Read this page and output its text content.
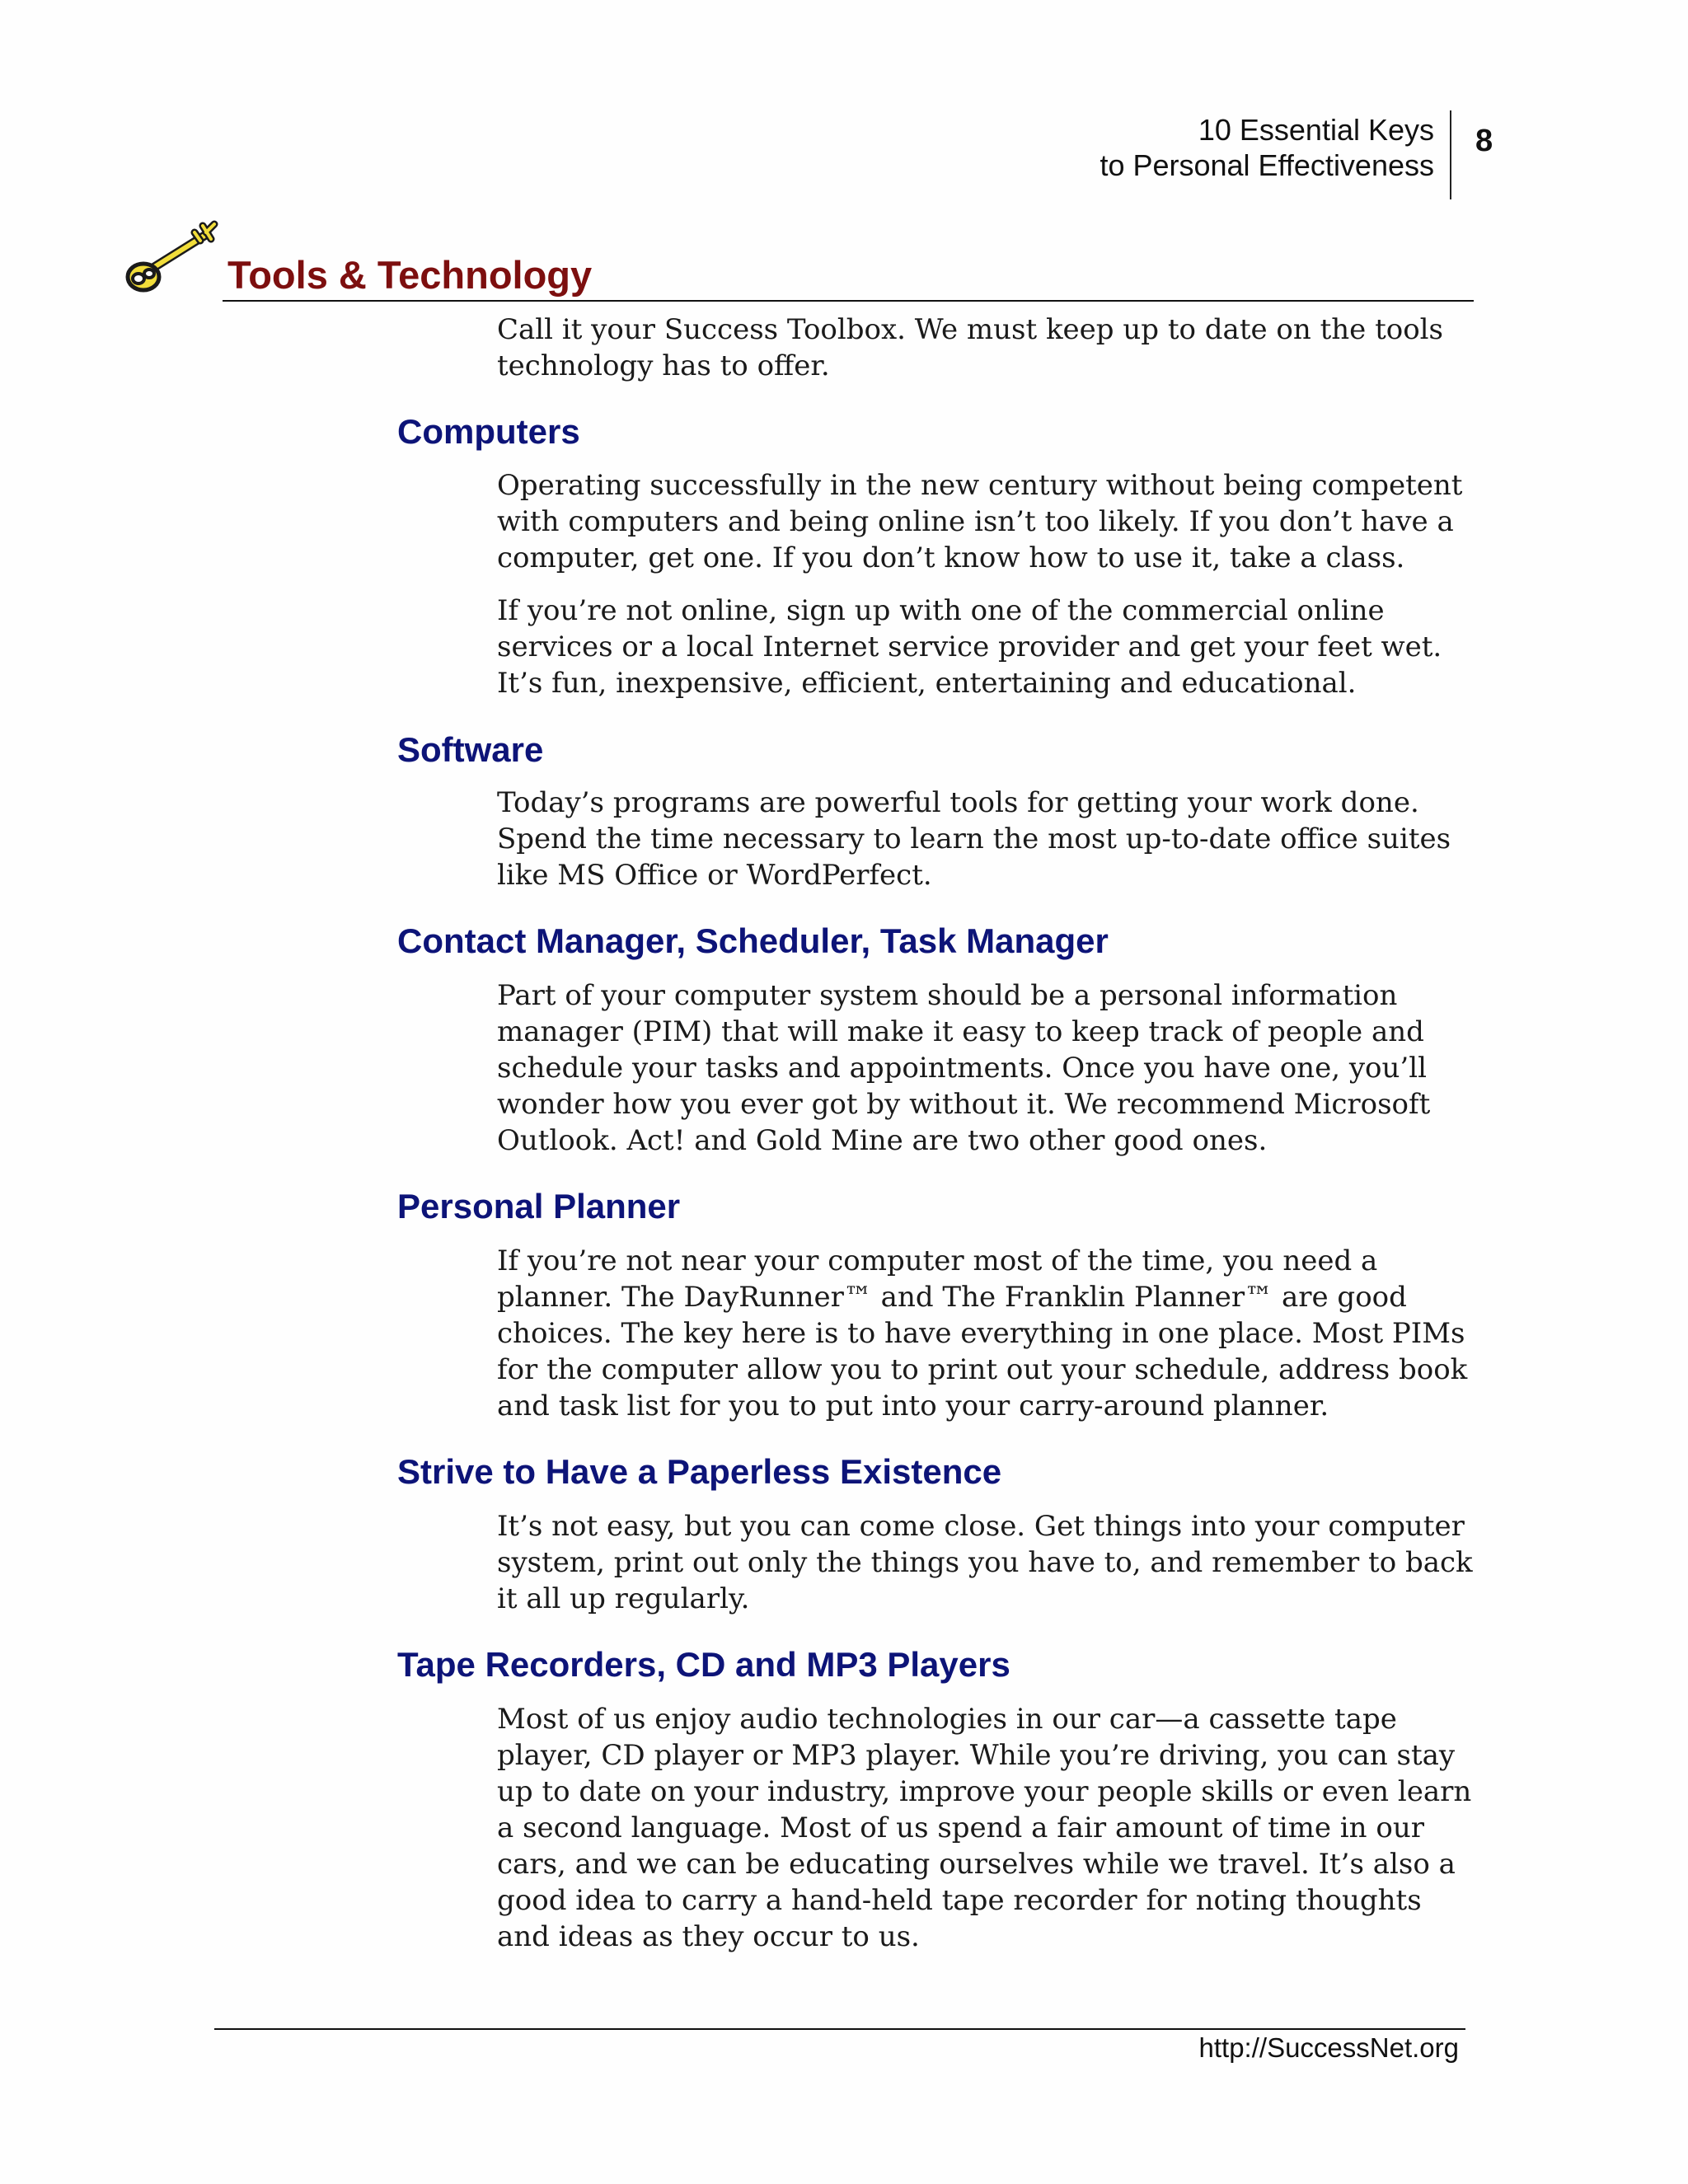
10 Essential Keys
to Personal Effectiveness
8
Tools & Technology

Call it your Success Toolbox. We must keep up to date on the tools technology has to offer.

Computers

Operating successfully in the new century without being competent with computers and being online isn’t too likely. If you don’t have a computer, get one. If you don’t know how to use it, take a class.

If you’re not online, sign up with one of the commercial online services or a local Internet service provider and get your feet wet. It’s fun, inexpensive, efficient, entertaining and educational.

Software

Today’s programs are powerful tools for getting your work done. Spend the time necessary to learn the most up-to-date office suites like MS Office or WordPerfect.

Contact Manager, Scheduler, Task Manager

Part of your computer system should be a personal information manager (PIM) that will make it easy to keep track of people and schedule your tasks and appointments. Once you have one, you’ll wonder how you ever got by without it. We recommend Microsoft Outlook. Act! and Gold Mine are two other good ones.

Personal Planner

If you’re not near your computer most of the time, you need a planner. The DayRunner™ and The Franklin Planner™ are good choices. The key here is to have everything in one place. Most PIMs for the computer allow you to print out your schedule, address book and task list for you to put into your carry-around planner.

Strive to Have a Paperless Existence

It’s not easy, but you can come close. Get things into your computer system, print out only the things you have to, and remember to back it all up regularly.

Tape Recorders, CD and MP3 Players

Most of us enjoy audio technologies in our car—a cassette tape player, CD player or MP3 player. While you’re driving, you can stay up to date on your industry, improve your people skills or even learn a second language. Most of us spend a fair amount of time in our cars, and we can be educating ourselves while we travel. It’s also a good idea to carry a hand-held tape recorder for noting thoughts and ideas as they occur to us.

http://SuccessNet.org
